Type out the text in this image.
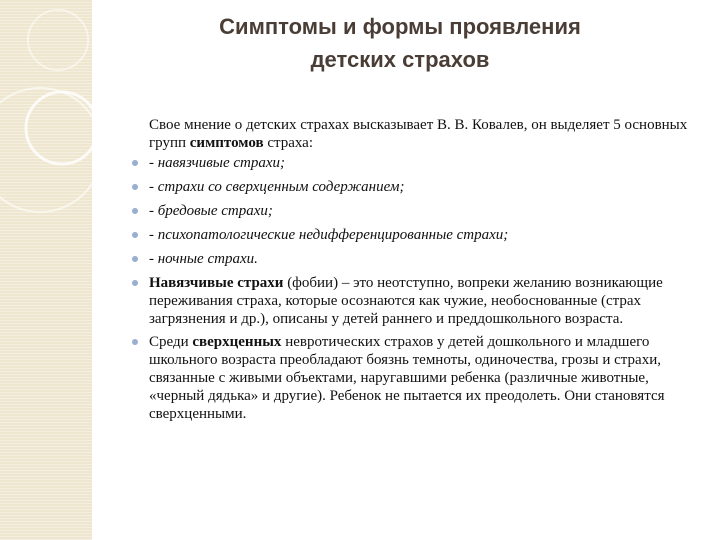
Симптомы и формы проявления
детских страхов

Свое мнение о детских страхах высказывает В. В. Ковалев, он выделяет 5 основных групп симптомов страха:

- навязчивые страхи;
- страхи со сверхценным содержанием;
- бредовые страхи;
- психопатологические недифференцированные страхи;
- ночные страхи.
Навязчивые страхи (фобии) – это неотступно, вопреки желанию возникающие переживания страха, которые осознаются как чужие, необоснованные (страх загрязнения и др.), описаны у детей раннего и преддошкольного возраста.
Среди сверхценных невротических страхов у детей дошкольного и младшего школьного возраста преобладают боязнь темноты, одиночества, грозы и страхи, связанные с живыми объектами, наругавшими ребенка (различные животные, «черный дядька» и другие). Ребенок не пытается их преодолеть. Они становятся сверхценными.
